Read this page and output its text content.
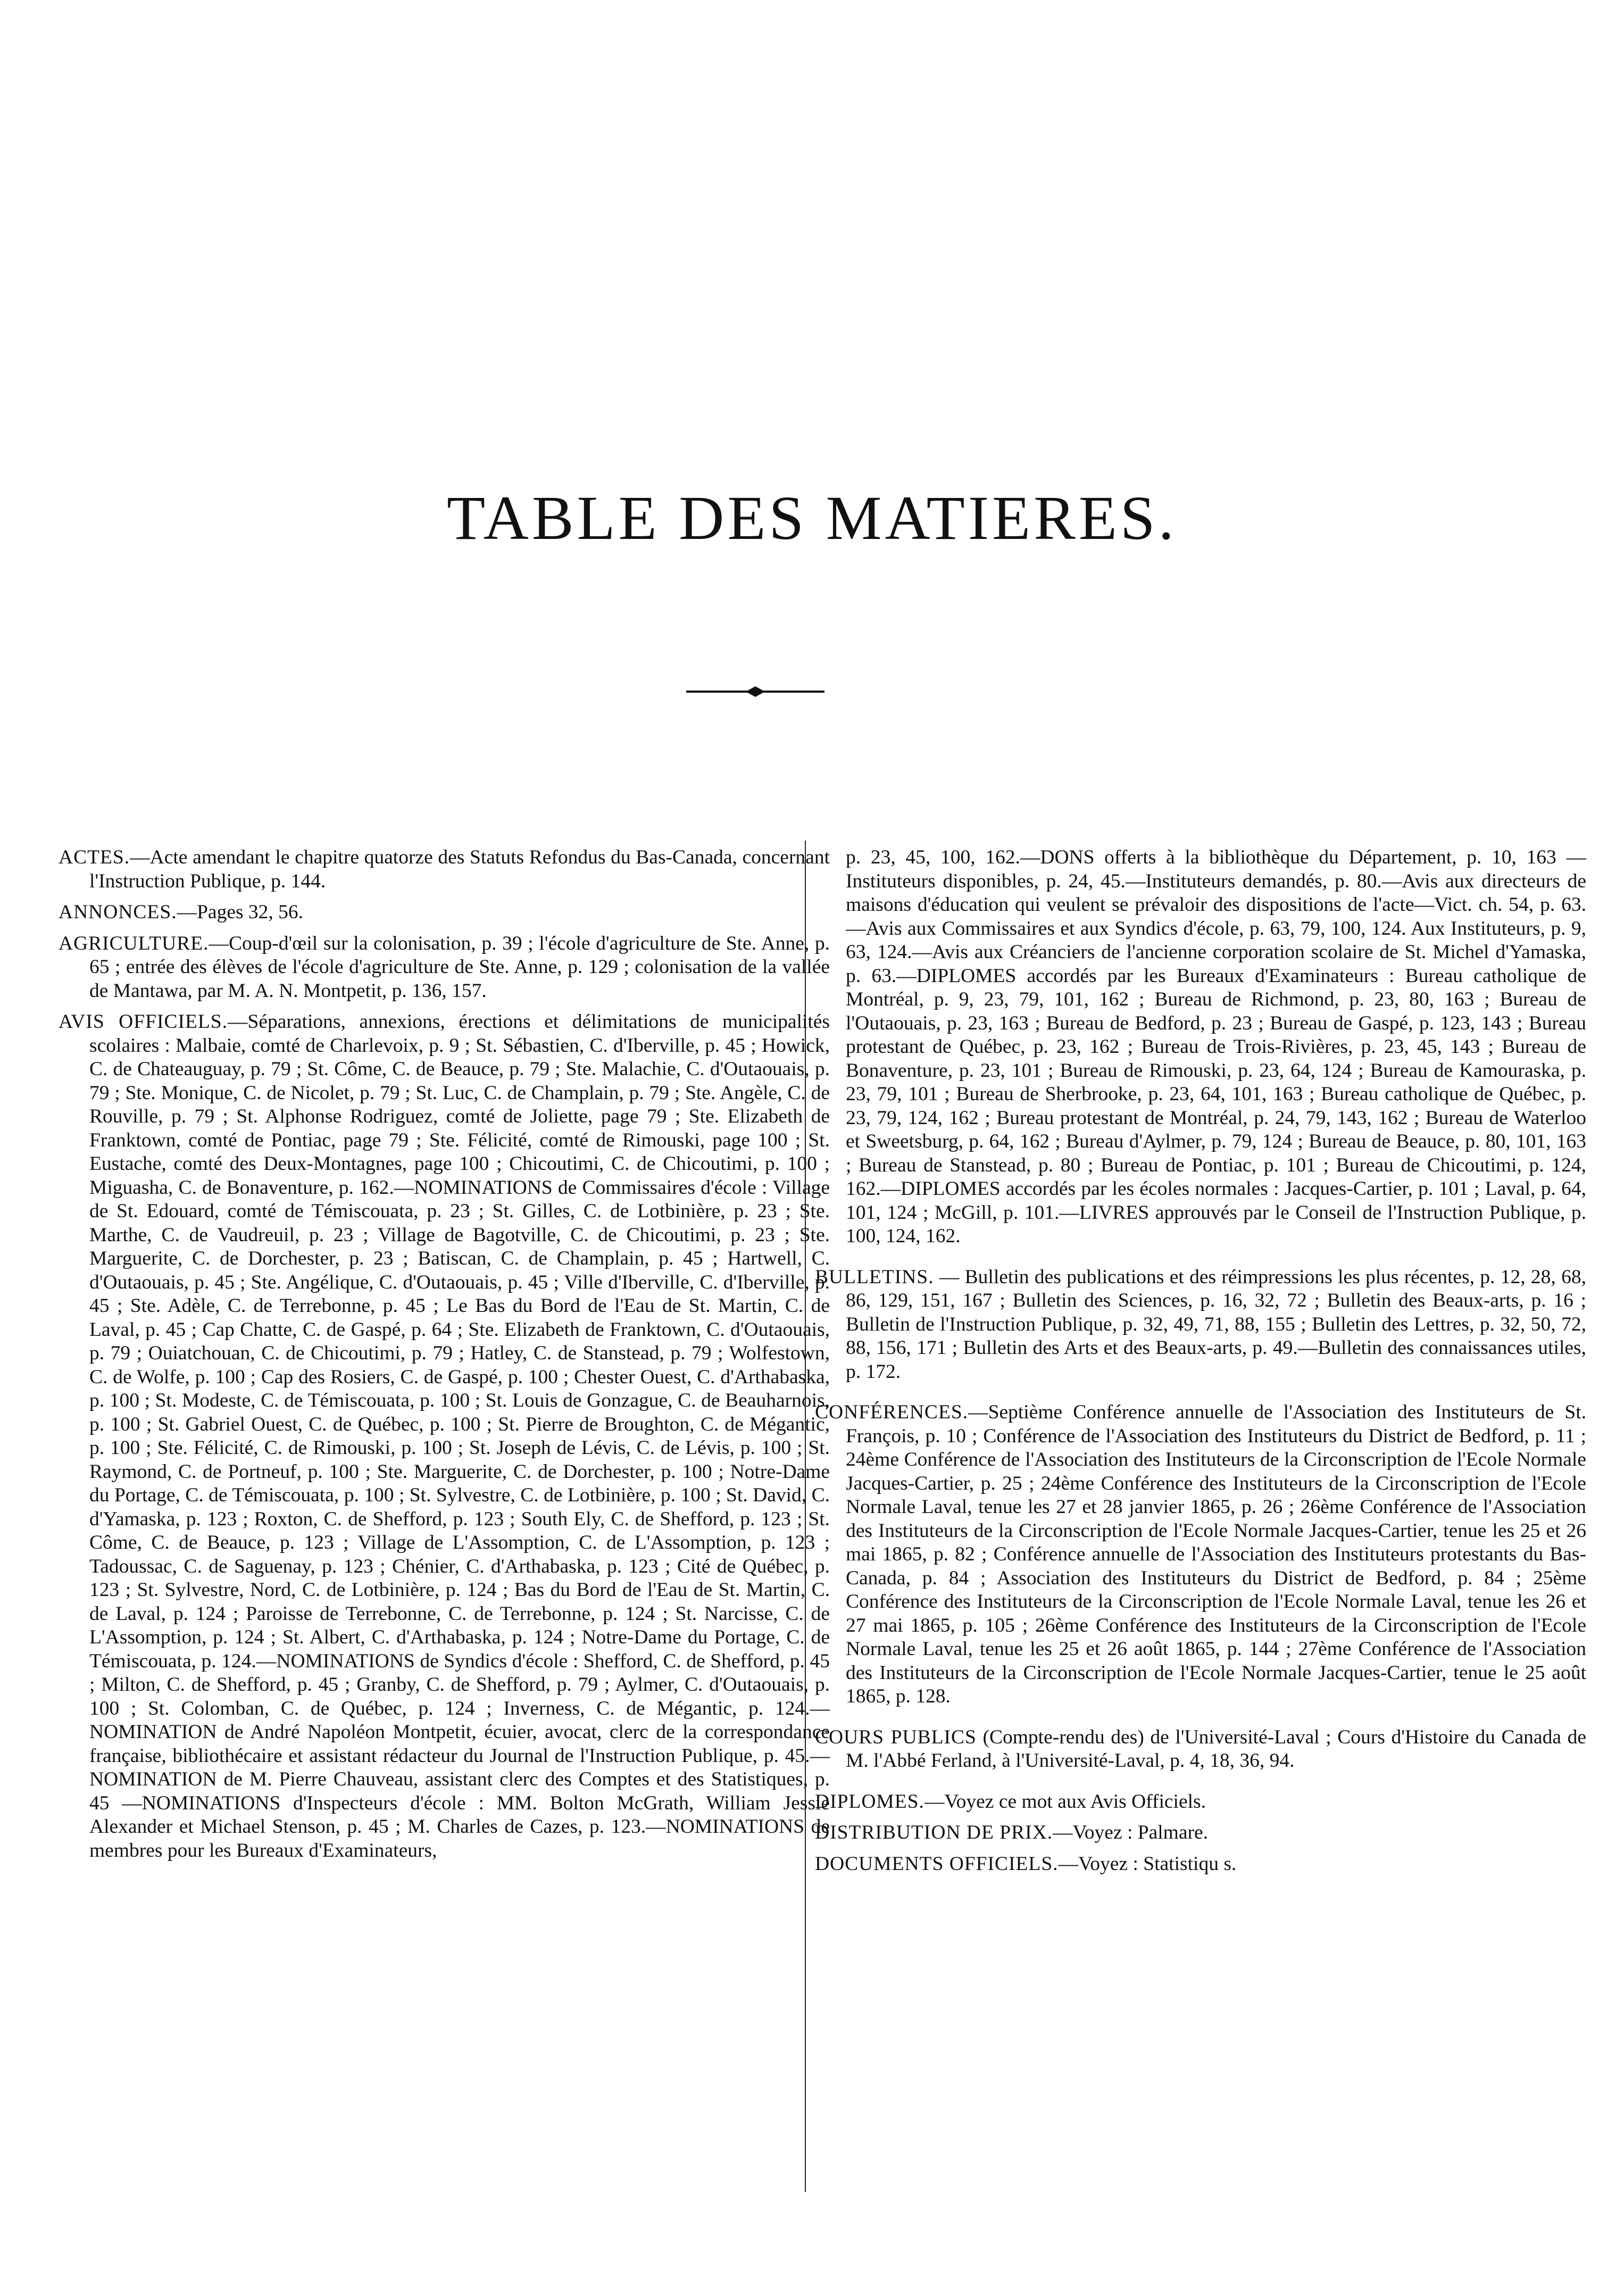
TABLE DES MATIERES.

ACTES.—Acte amendant le chapitre quatorze des Statuts Refondus du Bas-Canada, concernant l'Instruction Publique, p. 144.

ANNONCES.—Pages 32, 56.

AGRICULTURE.—Coup-d'œil sur la colonisation, p. 39 ; l'école d'agriculture de Ste. Anne, p. 65 ; entrée des élèves de l'école d'agriculture de Ste. Anne, p. 129 ; colonisation de la vallée de Mantawa, par M. A. N. Montpetit, p. 136, 157.

AVIS OFFICIELS.—Séparations, annexions, érections et délimitations de municipalités scolaires : Malbaie, comté de Charlevoix, p. 9 ; St. Sébastien, C. d'Iberville, p. 45 ; Howick, C. de Chateauguay, p. 79 ; St. Côme, C. de Beauce, p. 79 ; Ste. Malachie, C. d'Outaouais, p. 79 ; Ste. Monique, C. de Nicolet, p. 79 ; St. Luc, C. de Champlain, p. 79 ; Ste. Angèle, C. de Rouville, p. 79 ; St. Alphonse Rodriguez, comté de Joliette, page 79 ; Ste. Elizabeth de Franktown, comté de Pontiac, page 79 ; Ste. Félicité, comté de Rimouski, page 100 ; St. Eustache, comté des Deux-Montagnes, page 100 ; Chicoutimi, C. de Chicoutimi, p. 100 ; Miguasha, C. de Bonaventure, p. 162.—NOMINATIONS de Commissaires d'école : Village de St. Edouard, comté de Témiscouata, p. 23 ; St. Gilles, C. de Lotbinière, p. 23 ; Ste. Marthe, C. de Vaudreuil, p. 23 ; Village de Bagotville, C. de Chicoutimi, p. 23 ; Ste. Marguerite, C. de Dorchester, p. 23 ; Batiscan, C. de Champlain, p. 45 ; Hartwell, C. d'Outaouais, p. 45 ; Ste. Angélique, C. d'Outaouais, p. 45 ; Ville d'Iberville, C. d'Iberville, p. 45 ; Ste. Adèle, C. de Terrebonne, p. 45 ; Le Bas du Bord de l'Eau de St. Martin, C. de Laval, p. 45 ; Cap Chatte, C. de Gaspé, p. 64 ; Ste. Elizabeth de Franktown, C. d'Outaouais, p. 79 ; Ouiatchouan, C. de Chicoutimi, p. 79 ; Hatley, C. de Stanstead, p. 79 ; Wolfestown, C. de Wolfe, p. 100 ; Cap des Rosiers, C. de Gaspé, p. 100 ; Chester Ouest, C. d'Arthabaska, p. 100 ; St. Modeste, C. de Témiscouata, p. 100 ; St. Louis de Gonzague, C. de Beauharnois, p. 100 ; St. Gabriel Ouest, C. de Québec, p. 100 ; St. Pierre de Broughton, C. de Mégantic, p. 100 ; Ste. Félicité, C. de Rimouski, p. 100 ; St. Joseph de Lévis, C. de Lévis, p. 100 ; St. Raymond, C. de Portneuf, p. 100 ; Ste. Marguerite, C. de Dorchester, p. 100 ; Notre-Dame du Portage, C. de Témiscouata, p. 100 ; St. Sylvestre, C. de Lotbinière, p. 100 ; St. David, C. d'Yamaska, p. 123 ; Roxton, C. de Shefford, p. 123 ; South Ely, C. de Shefford, p. 123 ; St. Côme, C. de Beauce, p. 123 ; Village de L'Assomption, C. de L'Assomption, p. 123 ; Tadoussac, C. de Saguenay, p. 123 ; Chénier, C. d'Arthabaska, p. 123 ; Cité de Québec, p. 123 ; St. Sylvestre, Nord, C. de Lotbinière, p. 124 ; Bas du Bord de l'Eau de St. Martin, C. de Laval, p. 124 ; Paroisse de Terrebonne, C. de Terrebonne, p. 124 ; St. Narcisse, C. de L'Assomption, p. 124 ; St. Albert, C. d'Arthabaska, p. 124 ; Notre-Dame du Portage, C. de Témiscouata, p. 124.—NOMINATIONS de Syndics d'école : Shefford, C. de Shefford, p. 45 ; Milton, C. de Shefford, p. 45 ; Granby, C. de Shefford, p. 79 ; Aylmer, C. d'Outaouais, p. 100 ; St. Colomban, C. de Québec, p. 124 ; Inverness, C. de Mégantic, p. 124.—NOMINATION de André Napoléon Montpetit, écuier, avocat, clerc de la correspondance française, bibliothécaire et assistant rédacteur du Journal de l'Instruction Publique, p. 45.—NOMINATION de M. Pierre Chauveau, assistant clerc des Comptes et des Statistiques, p. 45 —NOMINATIONS d'Inspecteurs d'école : MM. Bolton McGrath, William Jessie Alexander et Michael Stenson, p. 45 ; M. Charles de Cazes, p. 123.—NOMINATIONS de membres pour les Bureaux d'Examinateurs,

p. 23, 45, 100, 162.—DONS offerts à la bibliothèque du Département, p. 10, 163 —Instituteurs disponibles, p. 24, 45.—Instituteurs demandés, p. 80.—Avis aux directeurs de maisons d'éducation qui veulent se prévaloir des dispositions de l'acte—Vict. ch. 54, p. 63.—Avis aux Commissaires et aux Syndics d'école, p. 63, 79, 100, 124. Aux Instituteurs, p. 9, 63, 124.—Avis aux Créanciers de l'ancienne corporation scolaire de St. Michel d'Yamaska, p. 63.—DIPLOMES accordés par les Bureaux d'Examinateurs : Bureau catholique de Montréal, p. 9, 23, 79, 101, 162 ; Bureau de Richmond, p. 23, 80, 163 ; Bureau de l'Outaouais, p. 23, 163 ; Bureau de Bedford, p. 23 ; Bureau de Gaspé, p. 123, 143 ; Bureau protestant de Québec, p. 23, 162 ; Bureau de Trois-Rivières, p. 23, 45, 143 ; Bureau de Bonaventure, p. 23, 101 ; Bureau de Rimouski, p. 23, 64, 124 ; Bureau de Kamouraska, p. 23, 79, 101 ; Bureau de Sherbrooke, p. 23, 64, 101, 163 ; Bureau catholique de Québec, p. 23, 79, 124, 162 ; Bureau protestant de Montréal, p. 24, 79, 143, 162 ; Bureau de Waterloo et Sweetsburg, p. 64, 162 ; Bureau d'Aylmer, p. 79, 124 ; Bureau de Beauce, p. 80, 101, 163 ; Bureau de Stanstead, p. 80 ; Bureau de Pontiac, p. 101 ; Bureau de Chicoutimi, p. 124, 162.—DIPLOMES accordés par les écoles normales : Jacques-Cartier, p. 101 ; Laval, p. 64, 101, 124 ; McGill, p. 101.—LIVRES approuvés par le Conseil de l'Instruction Publique, p. 100, 124, 162.

BULLETINS. — Bulletin des publications et des réimpressions les plus récentes, p. 12, 28, 68, 86, 129, 151, 167 ; Bulletin des Sciences, p. 16, 32, 72 ; Bulletin des Beaux-arts, p. 16 ; Bulletin de l'Instruction Publique, p. 32, 49, 71, 88, 155 ; Bulletin des Lettres, p. 32, 50, 72, 88, 156, 171 ; Bulletin des Arts et des Beaux-arts, p. 49.—Bulletin des connaissances utiles, p. 172.

CONFÉRENCES.—Septième Conférence annuelle de l'Association des Instituteurs de St. François, p. 10 ; Conférence de l'Association des Instituteurs du District de Bedford, p. 11 ; 24ème Conférence de l'Association des Instituteurs de la Circonscription de l'Ecole Normale Jacques-Cartier, p. 25 ; 24ème Conférence des Instituteurs de la Circonscription de l'Ecole Normale Laval, tenue les 27 et 28 janvier 1865, p. 26 ; 26ème Conférence de l'Association des Instituteurs de la Circonscription de l'Ecole Normale Jacques-Cartier, tenue les 25 et 26 mai 1865, p. 82 ; Conférence annuelle de l'Association des Instituteurs protestants du Bas-Canada, p. 84 ; Association des Instituteurs du District de Bedford, p. 84 ; 25ème Conférence des Instituteurs de la Circonscription de l'Ecole Normale Laval, tenue les 26 et 27 mai 1865, p. 105 ; 26ème Conférence des Instituteurs de la Circonscription de l'Ecole Normale Laval, tenue les 25 et 26 août 1865, p. 144 ; 27ème Conférence de l'Association des Instituteurs de la Circonscription de l'Ecole Normale Jacques-Cartier, tenue le 25 août 1865, p. 128.

COURS PUBLICS (Compte-rendu des) de l'Université-Laval ; Cours d'Histoire du Canada de M. l'Abbé Ferland, à l'Université-Laval, p. 4, 18, 36, 94.

DIPLOMES.—Voyez ce mot aux Avis Officiels.

DISTRIBUTION DE PRIX.—Voyez : Palmare.

DOCUMENTS OFFICIELS.—Voyez : Statistiqu s.
